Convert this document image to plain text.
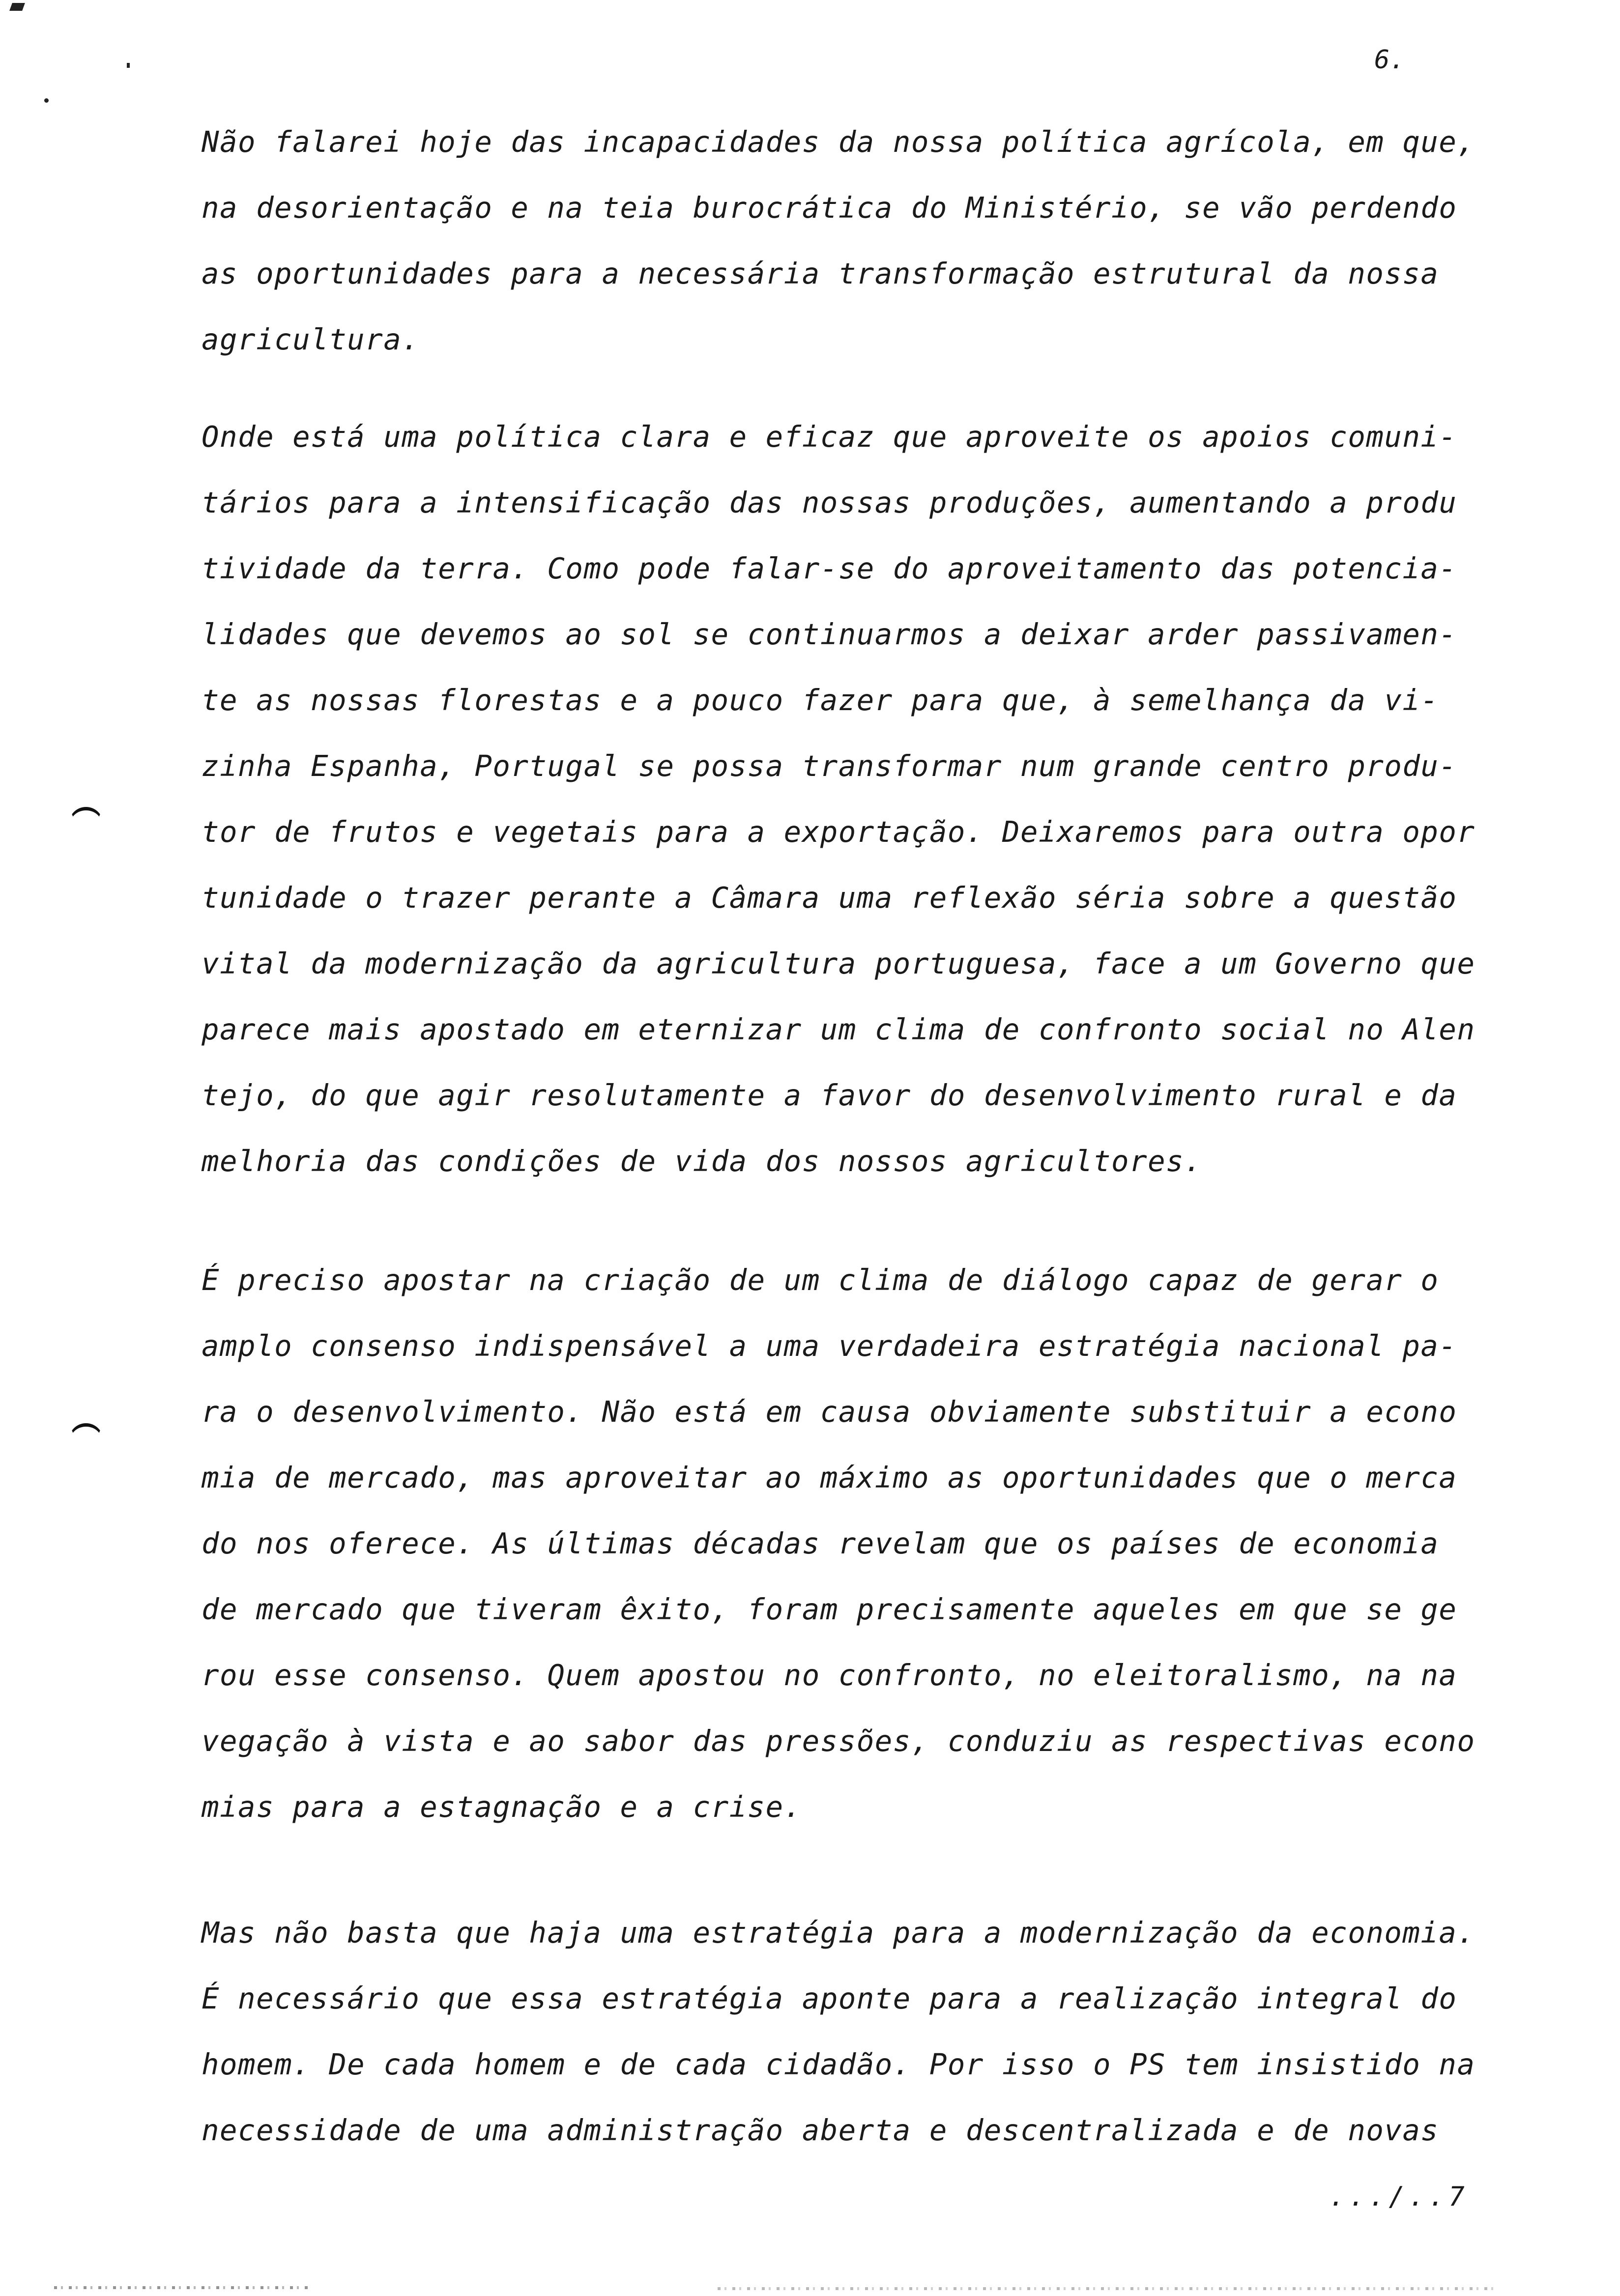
6.
Não falarei hoje das incapacidades da nossa política agrícola, em que,
na desorientação e na teia burocrática do Ministério, se vão perdendo
as oportunidades para a necessária transformação estrutural da nossa
agricultura.
Onde está uma política clara e eficaz que aproveite os apoios comuni-
tários para a intensificação das nossas produções, aumentando a produ
tividade da terra. Como pode falar-se do aproveitamento das potencia-
lidades que devemos ao sol se continuarmos a deixar arder passivamen-
te as nossas florestas e a pouco fazer para que, à semelhança da vi-
zinha Espanha, Portugal se possa transformar num grande centro produ-
tor de frutos e vegetais para a exportação. Deixaremos para outra opor
tunidade o trazer perante a Câmara uma reflexão séria sobre a questão
vital da modernização da agricultura portuguesa, face a um Governo que
parece mais apostado em eternizar um clima de confronto social no Alen
tejo, do que agir resolutamente a favor do desenvolvimento rural e da
melhoria das condições de vida dos nossos agricultores.
É preciso apostar na criação de um clima de diálogo capaz de gerar o
amplo consenso indispensável a uma verdadeira estratégia nacional pa-
ra o desenvolvimento. Não está em causa obviamente substituir a econo
mia de mercado, mas aproveitar ao máximo as oportunidades que o merca
do nos oferece. As últimas décadas revelam que os países de economia
de mercado que tiveram êxito, foram precisamente aqueles em que se ge
rou esse consenso. Quem apostou no confronto, no eleitoralismo, na na
vegação à vista e ao sabor das pressões, conduziu as respectivas econo
mias para a estagnação e a crise.
Mas não basta que haja uma estratégia para a modernização da economia.
É necessário que essa estratégia aponte para a realização integral do
homem. De cada homem e de cada cidadão. Por isso o PS tem insistido na
necessidade de uma administração aberta e descentralizada e de novas
.../..7
